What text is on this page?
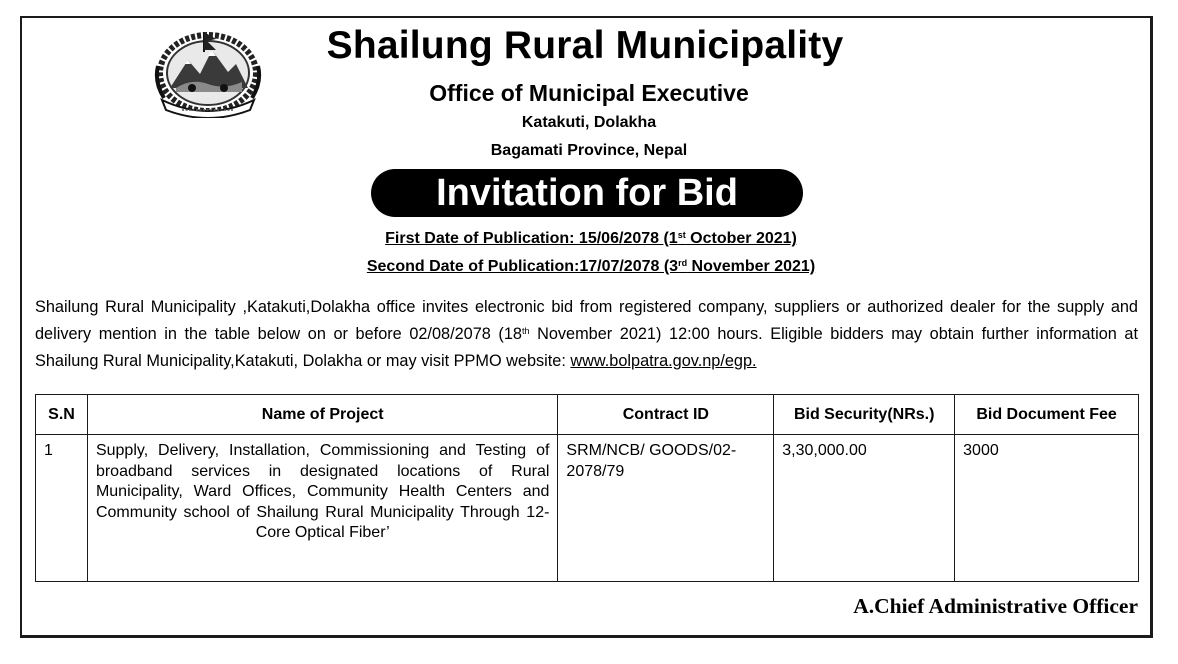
Shailung Rural Municipality
Office of Municipal Executive
Katakuti, Dolakha
Bagamati Province, Nepal
Invitation for Bid
First Date of Publication: 15/06/2078 (1st October 2021)
Second Date of Publication:17/07/2078 (3rd November 2021)

Shailung Rural Municipality ,Katakuti,Dolakha office invites electronic bid from registered company, suppliers or authorized dealer for the supply and delivery mention in the table below on or before 02/08/2078 (18th November 2021) 12:00 hours. Eligible bidders may obtain further information at Shailung Rural Municipality,Katakuti, Dolakha or may visit PPMO website: www.bolpatra.gov.np/egp.

S.N	Name of Project	Contract ID	Bid Security(NRs.)	Bid Document Fee
1	Supply, Delivery, Installation, Commissioning and Testing of broadband services in designated locations of Rural Municipality, Ward Offices, Community Health Centers and Community school of Shailung Rural Municipality Through 12-Core Optical Fiber’	SRM/NCB/ GOODS/02-2078/79	3,30,000.00	3000
A.Chief Administrative Officer
